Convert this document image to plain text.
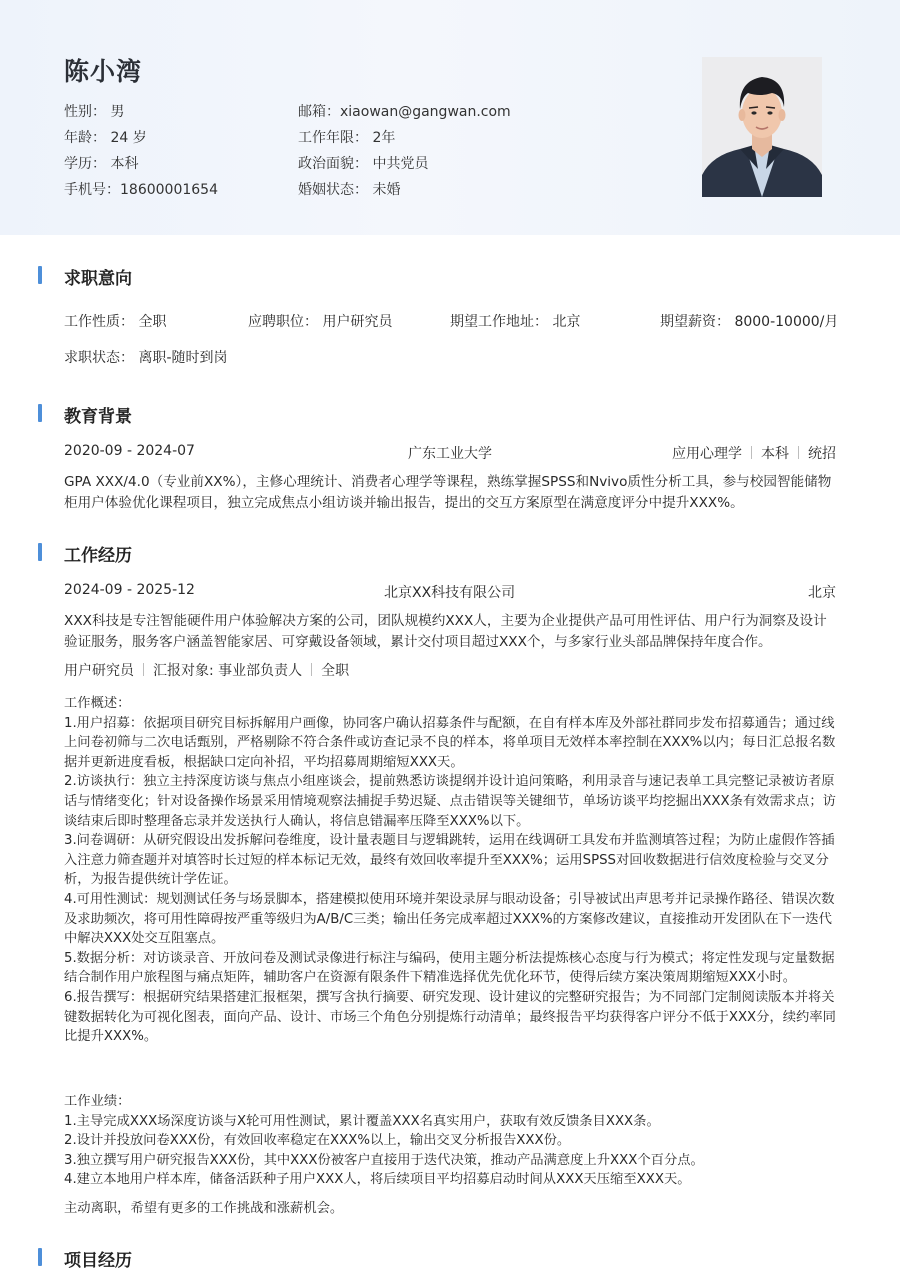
陈小湾
性别： 男
年龄： 24 岁
学历： 本科
手机号：18600001654
邮箱：xiaowan@gangwan.com
工作年限： 2年
政治面貌： 中共党员
婚姻状态： 未婚
求职意向
工作性质： 全职	应聘职位： 用户研究员	期望工作地址： 北京	期望薪资： 8000-10000/月
求职状态： 离职-随时到岗
教育背景
2020-09 - 2024-07	广东工业大学	应用心理学 本科 统招
GPA XXX/4.0（专业前XX%），主修心理统计、消费者心理学等课程，熟练掌握SPSS和Nvivo质性分析工具，参与校园智能储物柜用户体验优化课程项目，独立完成焦点小组访谈并输出报告，提出的交互方案原型在满意度评分中提升XXX%。
工作经历
2024-09 - 2025-12	北京XX科技有限公司	北京
XXX科技是专注智能硬件用户体验解决方案的公司，团队规模约XXX人，主要为企业提供产品可用性评估、用户行为洞察及设计验证服务，服务客户涵盖智能家居、可穿戴设备领域，累计交付项目超过XXX个，与多家行业头部品牌保持年度合作。
用户研究员 汇报对象: 事业部负责人 全职
工作概述：
1.用户招募：依据项目研究目标拆解用户画像，协同客户确认招募条件与配额，在自有样本库及外部社群同步发布招募通告；通过线上问卷初筛与二次电话甄别，严格剔除不符合条件或访查记录不良的样本，将单项目无效样本率控制在XXX%以内；每日汇总报名数据并更新进度看板，根据缺口定向补招，平均招募周期缩短XXX天。
2.访谈执行：独立主持深度访谈与焦点小组座谈会，提前熟悉访谈提纲并设计追问策略，利用录音与速记表单工具完整记录被访者原话与情绪变化；针对设备操作场景采用情境观察法捕捉手势迟疑、点击错误等关键细节，单场访谈平均挖掘出XXX条有效需求点；访谈结束后即时整理备忘录并发送执行人确认，将信息错漏率压降至XXX%以下。
3.问卷调研：从研究假设出发拆解问卷维度，设计量表题目与逻辑跳转，运用在线调研工具发布并监测填答过程；为防止虚假作答插入注意力筛查题并对填答时长过短的样本标记无效，最终有效回收率提升至XXX%；运用SPSS对回收数据进行信效度检验与交叉分析，为报告提供统计学佐证。
4.可用性测试：规划测试任务与场景脚本，搭建模拟使用环境并架设录屏与眼动设备；引导被试出声思考并记录操作路径、错误次数及求助频次，将可用性障碍按严重等级归为A/B/C三类；输出任务完成率超过XXX%的方案修改建议，直接推动开发团队在下一迭代中解决XXX处交互阻塞点。
5.数据分析：对访谈录音、开放问卷及测试录像进行标注与编码，使用主题分析法提炼核心态度与行为模式；将定性发现与定量数据结合制作用户旅程图与痛点矩阵，辅助客户在资源有限条件下精准选择优先优化环节，使得后续方案决策周期缩短XXX小时。
6.报告撰写：根据研究结果搭建汇报框架，撰写含执行摘要、研究发现、设计建议的完整研究报告；为不同部门定制阅读版本并将关键数据转化为可视化图表，面向产品、设计、市场三个角色分别提炼行动清单；最终报告平均获得客户评分不低于XXX分，续约率同比提升XXX%。
工作业绩：
1.主导完成XXX场深度访谈与X轮可用性测试，累计覆盖XXX名真实用户，获取有效反馈条目XXX条。
2.设计并投放问卷XXX份，有效回收率稳定在XXX%以上，输出交叉分析报告XXX份。
3.独立撰写用户研究报告XXX份，其中XXX份被客户直接用于迭代决策，推动产品满意度上升XXX个百分点。
4.建立本地用户样本库，储备活跃种子用户XXX人，将后续项目平均招募启动时间从XXX天压缩至XXX天。
主动离职，希望有更多的工作挑战和涨薪机会。
项目经历
